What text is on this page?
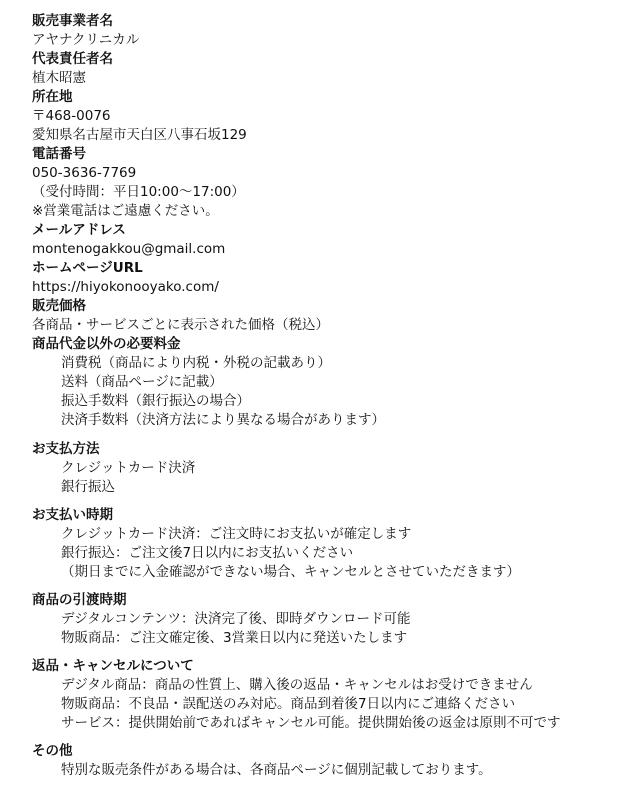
販売事業者名
アヤナクリニカル
代表責任者名
植木昭憲
所在地
〒468-0076
愛知県名古屋市天白区八事石坂129
電話番号
050-3636-7769
（受付時間：平日10:00〜17:00）
※営業電話はご遠慮ください。
メールアドレス
montenogakkou@gmail.com
ホームページURL
https://hiyokonooyako.com/
販売価格
各商品・サービスごとに表示された価格（税込）
商品代金以外の必要料金
消費税（商品により内税・外税の記載あり）
送料（商品ページに記載）
振込手数料（銀行振込の場合）
決済手数料（決済方法により異なる場合があります）
お支払方法
クレジットカード決済
銀行振込
お支払い時期
クレジットカード決済：ご注文時にお支払いが確定します
銀行振込：ご注文後7日以内にお支払いください
（期日までに入金確認ができない場合、キャンセルとさせていただきます）
商品の引渡時期
デジタルコンテンツ：決済完了後、即時ダウンロード可能
物販商品：ご注文確定後、3営業日以内に発送いたします
返品・キャンセルについて
デジタル商品：商品の性質上、購入後の返品・キャンセルはお受けできません
物販商品：不良品・誤配送のみ対応。商品到着後7日以内にご連絡ください
サービス：提供開始前であればキャンセル可能。提供開始後の返金は原則不可です
その他
特別な販売条件がある場合は、各商品ページに個別記載しております。
